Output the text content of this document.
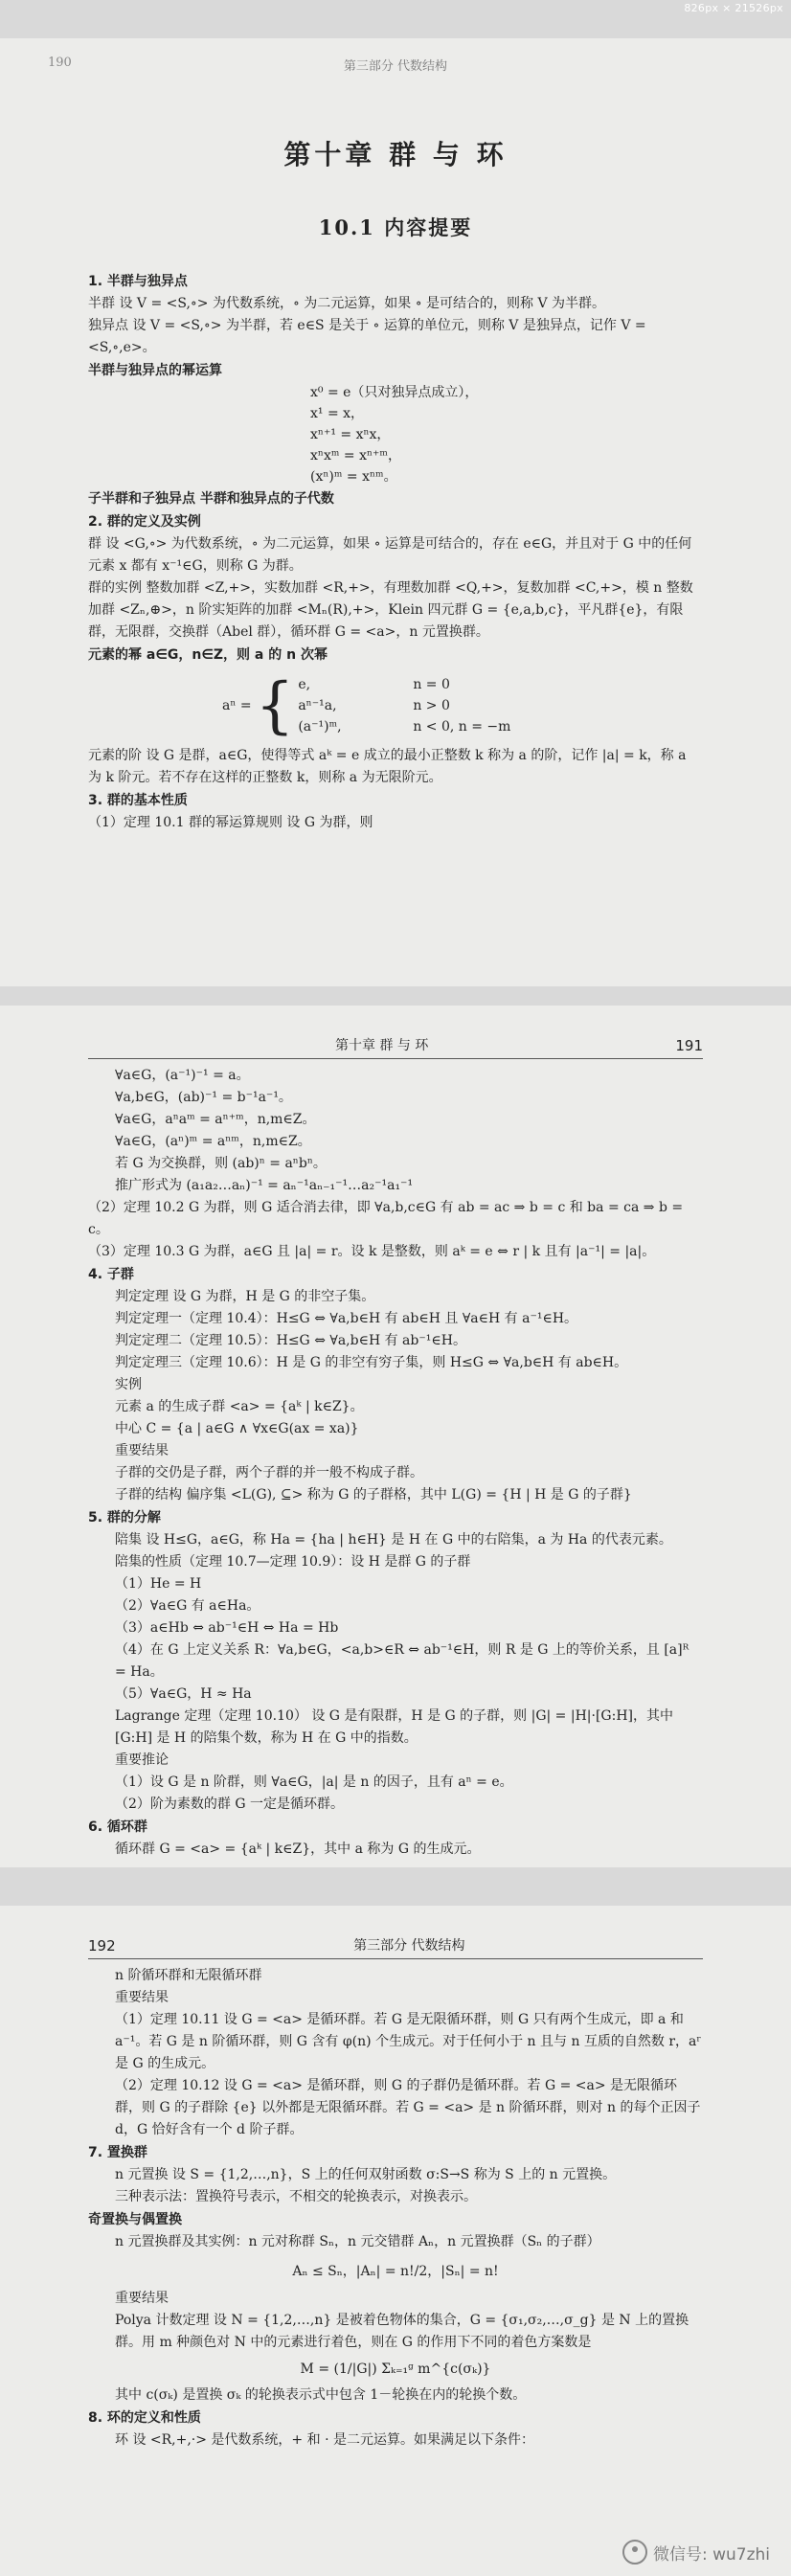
826px × 21526px
190	第三部分 代数结构
第十章 群 与 环
10.1 内容提要

1. 半群与独异点

半群 设 V = <S,∘> 为代数系统，∘ 为二元运算，如果 ∘ 是可结合的，则称 V 为半群。

独异点 设 V = <S,∘> 为半群，若 e∈S 是关于 ∘ 运算的单位元，则称 V 是独异点，记作 V = <S,∘,e>。

半群与独异点的幂运算

x⁰ = e（只对独异点成立），

x¹ = x，

xⁿ⁺¹ = xⁿx，

xⁿxᵐ = xⁿ⁺ᵐ，

(xⁿ)ᵐ = xⁿᵐ。

子半群和子独异点 半群和独异点的子代数

2. 群的定义及实例

群 设 <G,∘> 为代数系统，∘ 为二元运算，如果 ∘ 运算是可结合的，存在 e∈G，并且对于 G 中的任何元素 x 都有 x⁻¹∈G，则称 G 为群。

群的实例 整数加群 <Z,+>，实数加群 <R,+>，有理数加群 <Q,+>，复数加群 <C,+>，模 n 整数加群 <Zₙ,⊕>，n 阶实矩阵的加群 <Mₙ(R),+>，Klein 四元群 G = {e,a,b,c}，平凡群{e}，有限群，无限群，交换群（Abel 群），循环群 G = <a>，n 元置换群。

元素的幂 a∈G，n∈Z，则 a 的 n 次幂

aⁿ = { e,	n = 0
aⁿ⁻¹a,	n > 0
(a⁻¹)ᵐ,	n < 0, n = −m

元素的阶 设 G 是群，a∈G，使得等式 aᵏ = e 成立的最小正整数 k 称为 a 的阶，记作 |a| = k，称 a 为 k 阶元。若不存在这样的正整数 k，则称 a 为无限阶元。

3. 群的基本性质

（1）定理 10.1 群的幂运算规则 设 G 为群，则

第十章 群 与 环	191

∀a∈G，(a⁻¹)⁻¹ = a。

∀a,b∈G，(ab)⁻¹ = b⁻¹a⁻¹。

∀a∈G，aⁿaᵐ = aⁿ⁺ᵐ，n,m∈Z。

∀a∈G，(aⁿ)ᵐ = aⁿᵐ，n,m∈Z。

若 G 为交换群，则 (ab)ⁿ = aⁿbⁿ。

推广形式为 (a₁a₂…aₙ)⁻¹ = aₙ⁻¹aₙ₋₁⁻¹…a₂⁻¹a₁⁻¹

（2）定理 10.2 G 为群，则 G 适合消去律，即 ∀a,b,c∈G 有 ab = ac ⇒ b = c 和 ba = ca ⇒ b = c。

（3）定理 10.3 G 为群，a∈G 且 |a| = r。设 k 是整数，则 aᵏ = e ⇔ r | k 且有 |a⁻¹| = |a|。

4. 子群

判定定理 设 G 为群，H 是 G 的非空子集。

判定定理一（定理 10.4）：H≤G ⇔ ∀a,b∈H 有 ab∈H 且 ∀a∈H 有 a⁻¹∈H。

判定定理二（定理 10.5）：H≤G ⇔ ∀a,b∈H 有 ab⁻¹∈H。

判定定理三（定理 10.6）：H 是 G 的非空有穷子集，则 H≤G ⇔ ∀a,b∈H 有 ab∈H。

实例

元素 a 的生成子群 <a> = {aᵏ | k∈Z}。

中心 C = {a | a∈G ∧ ∀x∈G(ax = xa)}

重要结果

子群的交仍是子群，两个子群的并一般不构成子群。

子群的结构 偏序集 <L(G), ⊆> 称为 G 的子群格，其中 L(G) = {H | H 是 G 的子群}

5. 群的分解

陪集 设 H≤G，a∈G，称 Ha = {ha | h∈H} 是 H 在 G 中的右陪集，a 为 Ha 的代表元素。

陪集的性质（定理 10.7—定理 10.9）：设 H 是群 G 的子群

（1）He = H

（2）∀a∈G 有 a∈Ha。

（3）a∈Hb ⇔ ab⁻¹∈H ⇔ Ha = Hb

（4）在 G 上定义关系 R：∀a,b∈G，<a,b>∈R ⇔ ab⁻¹∈H，则 R 是 G 上的等价关系，且 [a]ᴿ = Ha。

（5）∀a∈G，H ≈ Ha

Lagrange 定理（定理 10.10） 设 G 是有限群，H 是 G 的子群，则 |G| = |H|·[G:H]，其中 [G:H] 是 H 的陪集个数，称为 H 在 G 中的指数。

重要推论

（1）设 G 是 n 阶群，则 ∀a∈G，|a| 是 n 的因子，且有 aⁿ = e。

（2）阶为素数的群 G 一定是循环群。

6. 循环群

循环群 G = <a> = {aᵏ | k∈Z}，其中 a 称为 G 的生成元。

192	第三部分 代数结构

n 阶循环群和无限循环群

重要结果

（1）定理 10.11 设 G = <a> 是循环群。若 G 是无限循环群，则 G 只有两个生成元，即 a 和 a⁻¹。若 G 是 n 阶循环群，则 G 含有 φ(n) 个生成元。对于任何小于 n 且与 n 互质的自然数 r，aʳ 是 G 的生成元。

（2）定理 10.12 设 G = <a> 是循环群，则 G 的子群仍是循环群。若 G = <a> 是无限循环群，则 G 的子群除 {e} 以外都是无限循环群。若 G = <a> 是 n 阶循环群，则对 n 的每个正因子 d，G 恰好含有一个 d 阶子群。

7. 置换群

n 元置换 设 S = {1,2,…,n}，S 上的任何双射函数 σ:S→S 称为 S 上的 n 元置换。

三种表示法：置换符号表示，不相交的轮换表示，对换表示。

奇置换与偶置换

n 元置换群及其实例：n 元对称群 Sₙ，n 元交错群 Aₙ，n 元置换群（Sₙ 的子群）

Aₙ ≤ Sₙ，|Aₙ| = n!/2，|Sₙ| = n!

重要结果

Polya 计数定理 设 N = {1,2,…,n} 是被着色物体的集合，G = {σ₁,σ₂,…,σ_g} 是 N 上的置换群。用 m 种颜色对 N 中的元素进行着色，则在 G 的作用下不同的着色方案数是

M = (1/|G|) Σₖ₌₁ᵍ m^{c(σₖ)}

其中 c(σₖ) 是置换 σₖ 的轮换表示式中包含 1－轮换在内的轮换个数。

8. 环的定义和性质

环 设 <R,+,·> 是代数系统，+ 和 · 是二元运算。如果满足以下条件：

微信号: wu7zhi
